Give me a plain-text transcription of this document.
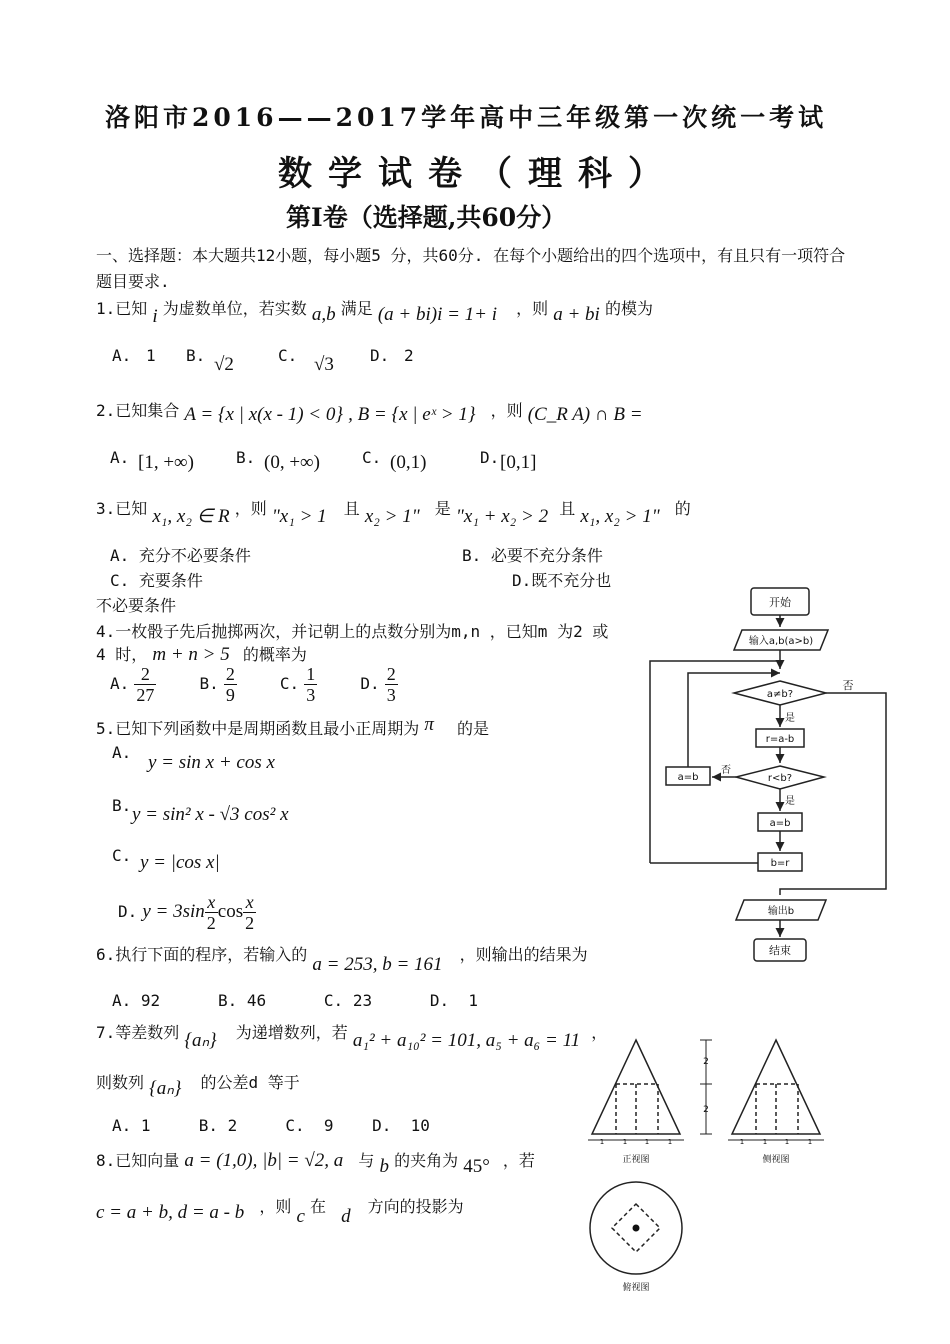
洛阳市2016——2017学年高中三年级第一次统一考试
数学试卷（理科）
第Ⅰ卷（选择题,共60分）
一、选择题：本大题共12小题，每小题5 分，共60分. 在每个小题给出的四个选项中，有且只有一项符合
题目要求.
1.已知 i 为虚数单位，若实数 a,b 满足 (a + bi)i = 1+ i ，则 a + bi 的模为
A. 1 B. √2	C. √3 D. 2
2.已知集合 A = {x | x(x - 1) < 0} , B = {x | eˣ > 1} ，则 (C_R A) ∩ B =
A. [1, +∞)	B. (0, +∞)	C. (0,1)	D. [0,1]
3.已知 x₁, x₂ ∈ R ，则 "x₁ > 1 且 x₂ > 1" 是 "x₁ + x₂ > 2 且 x₁, x₂ > 1" 的
A. 充分不必要条件	B. 必要不充分条件
C. 充要条件	D.既不充分也
不必要条件
4.一枚骰子先后抛掷两次，并记朝上的点数分别为m,n ，已知m 为2 或
4 时， m + n > 5 的概率为
A. $\frac{2}{27}$	B. $\frac{2}{9}$	C. $\frac{1}{3}$	D. $\frac{2}{3}$
5.已知下列函数中是周期函数且最小正周期为 π 的是
A. y = sin x + cos x
B. y = sin² x - √3 cos² x
C. y = |cos x|
D. $y = 3\sin \frac{x}{2}$ $\cos \frac{x}{2}$
6.执行下面的程序，若输入的 a = 253, b = 161 ，则输出的结果为
A. 92      B. 46      C. 23      D.  1
7.等差数列 {aₙ} 为递增数列，若 a₁² + a₁₀² = 101, a₅ + a₆ = 11 ，
则数列 {aₙ} 的公差d 等于
A. 1     B. 2     C.  9    D.  10
8.已知向量 a = (1,0), |b| = √2, a 与 b 的夹角为 45° ，若
c = a + b, d = a - b ，则 c 在 d 方向的投影为
开始
输入a,b(a>b)
a≠b?
否
是
r=a-b
r<b?
否
是
a=b
a=b
b=r
输出b
结束
2
2
1	1	1	1	1	1	1	1
正视图	侧视图
俯视图
